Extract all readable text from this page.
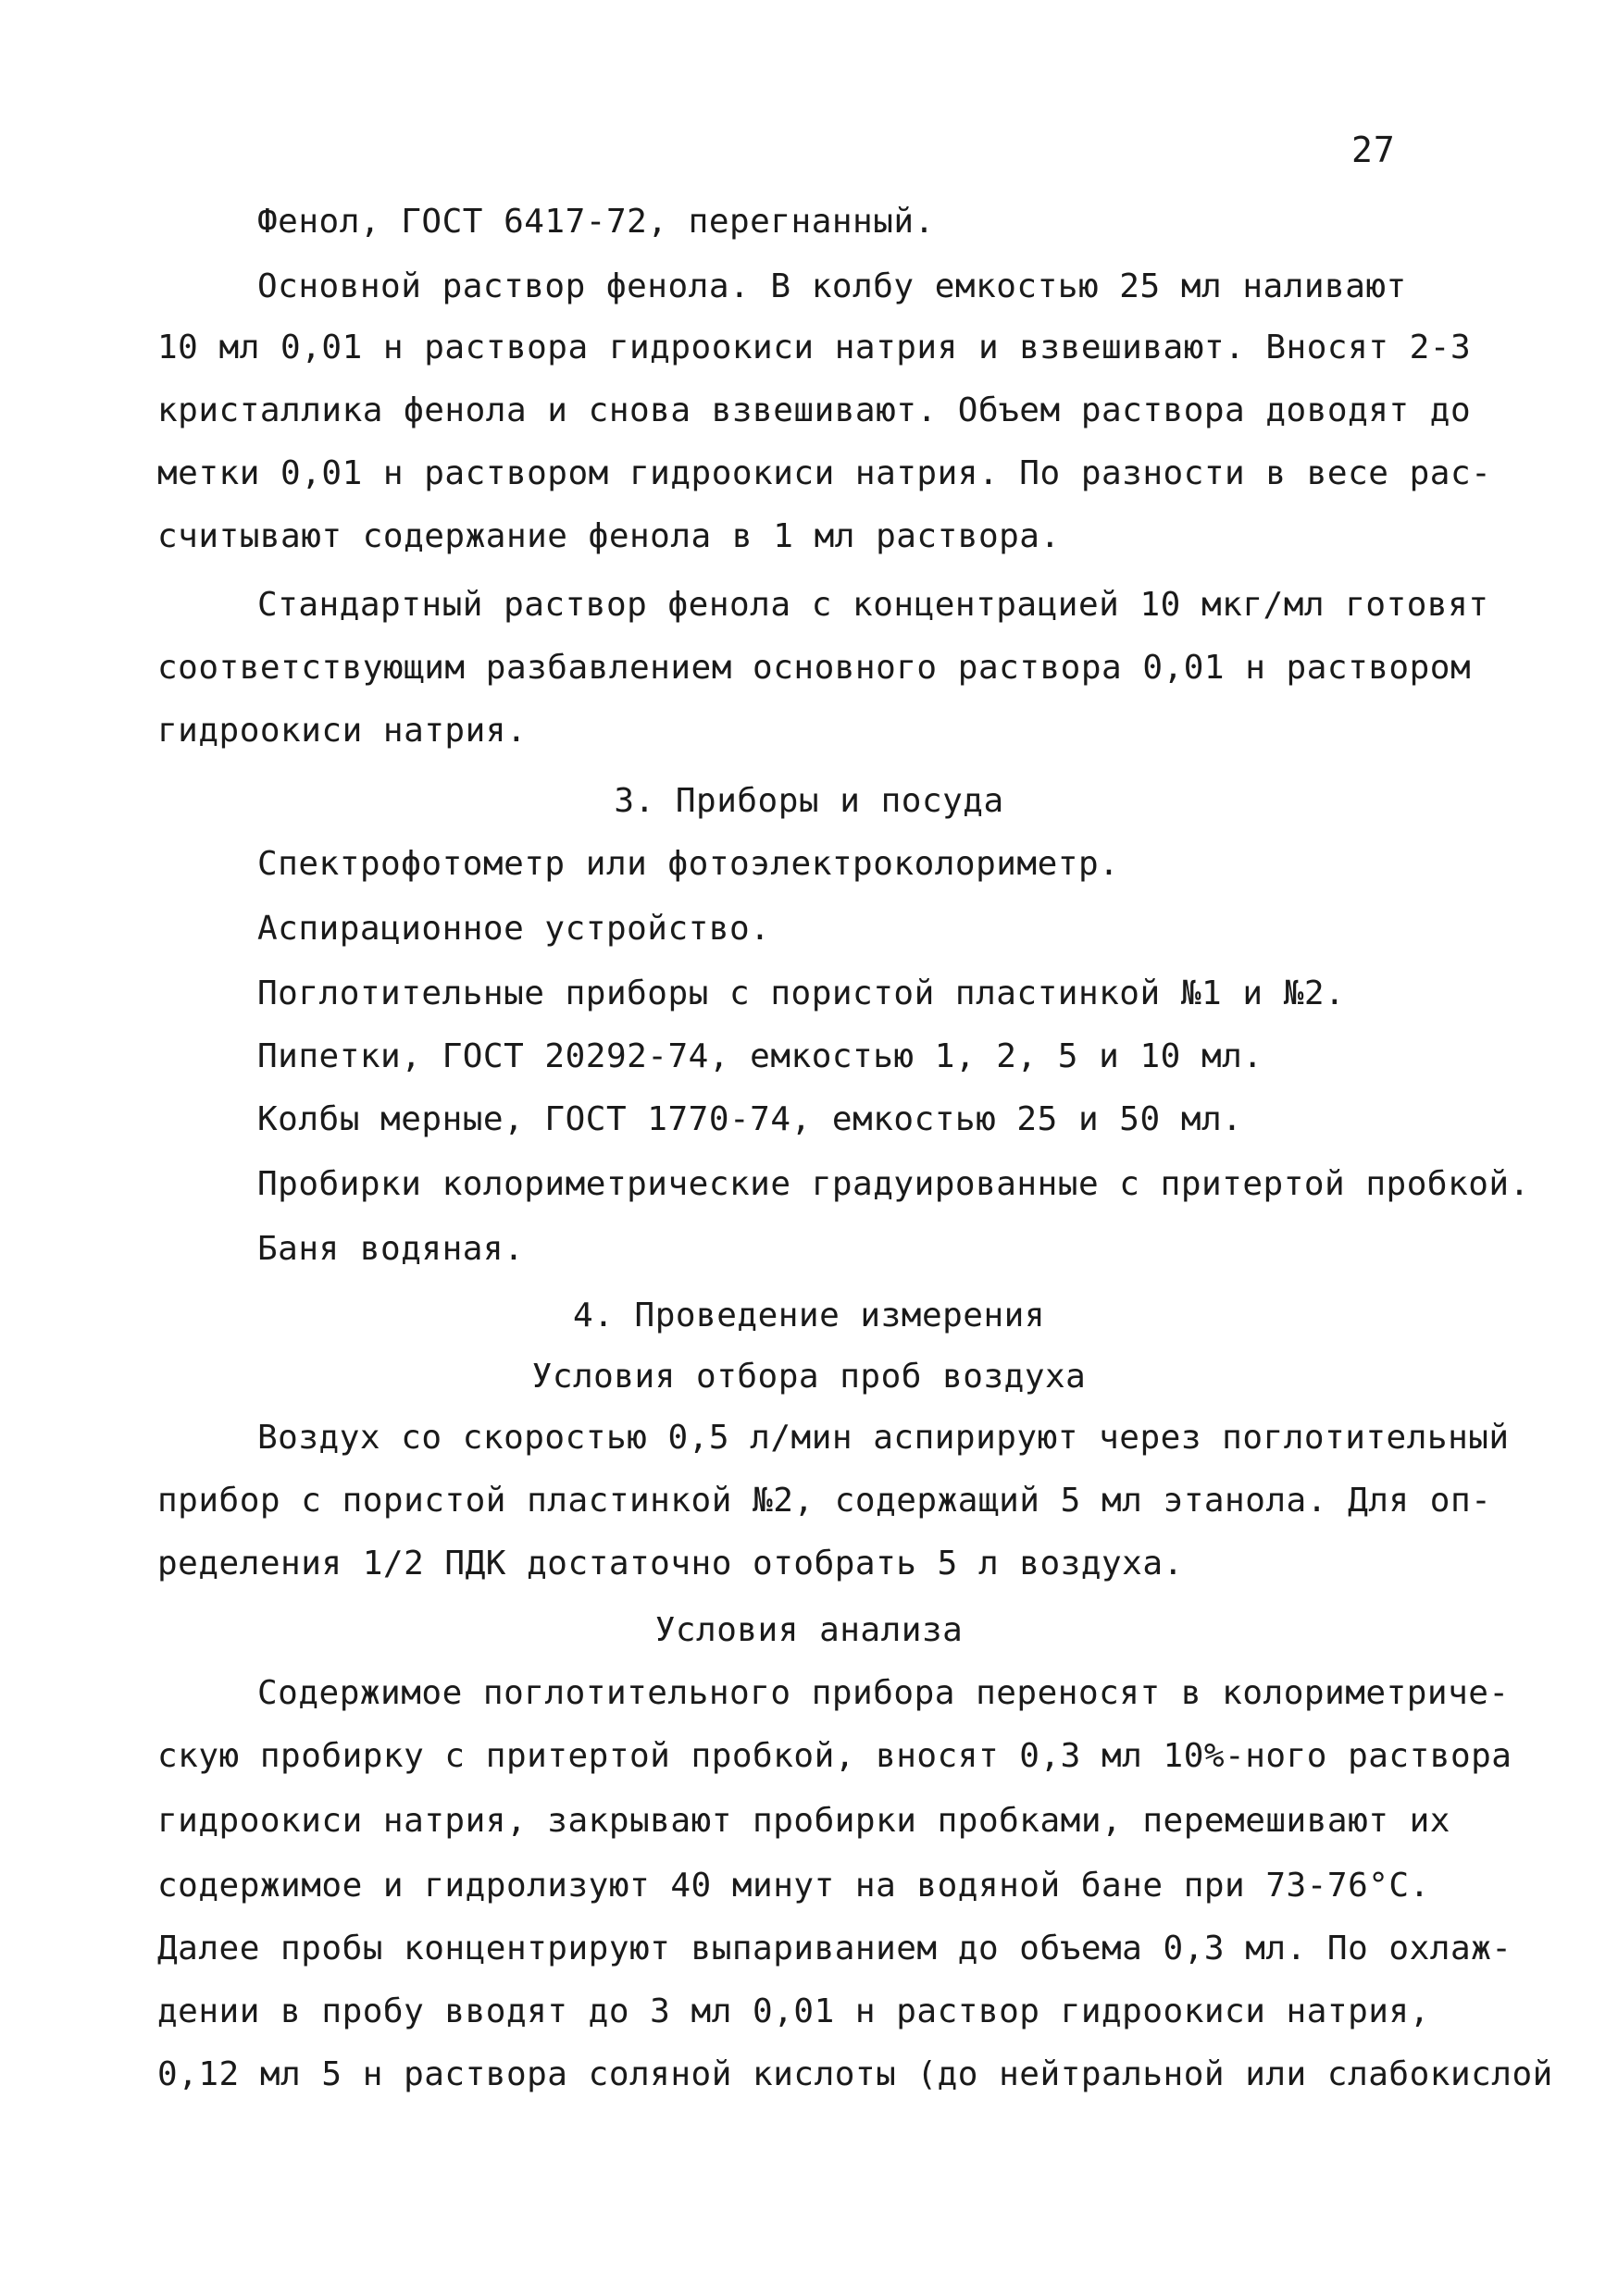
27
Фенол, ГОСТ 6417-72, перегнанный.
Основной раствор фенола. В колбу емкостью 25 мл наливают
10 мл 0,01 н раствора гидроокиси натрия и взвешивают. Вносят 2-3
кристаллика фенола и снова взвешивают. Объем раствора доводят до
метки 0,01 н раствором гидроокиси натрия. По разности в весе рас-
считывают содержание фенола в 1 мл раствора.
Стандартный раствор фенола с концентрацией 10 мкг/мл готовят
соответствующим разбавлением основного раствора 0,01 н раствором
гидроокиси натрия.
3. Приборы и посуда
Спектрофотометр или фотоэлектроколориметр.
Аспирационное устройство.
Поглотительные приборы с пористой пластинкой №1 и №2.
Пипетки, ГОСТ 20292-74, емкостью 1, 2, 5 и 10 мл.
Колбы мерные, ГОСТ 1770-74, емкостью 25 и 50 мл.
Пробирки колориметрические градуированные с притертой пробкой.
Баня водяная.
4. Проведение измерения
Условия отбора проб воздуха
Воздух со скоростью 0,5 л/мин аспирируют через поглотительный
прибор с пористой пластинкой №2, содержащий 5 мл этанола. Для оп-
ределения 1/2 ПДК достаточно отобрать 5 л воздуха.
Условия анализа
Содержимое поглотительного прибора переносят в колориметриче-
скую пробирку с притертой пробкой, вносят 0,3 мл 10%-ного раствора
гидроокиси натрия, закрывают пробирки пробками, перемешивают их
содержимое и гидролизуют 40 минут на водяной бане при 73-76°С.
Далее пробы концентрируют выпариванием до объема 0,3 мл. По охлаж-
дении в пробу вводят до 3 мл 0,01 н раствор гидроокиси натрия,
0,12 мл 5 н раствора соляной кислоты (до нейтральной или слабокислой
